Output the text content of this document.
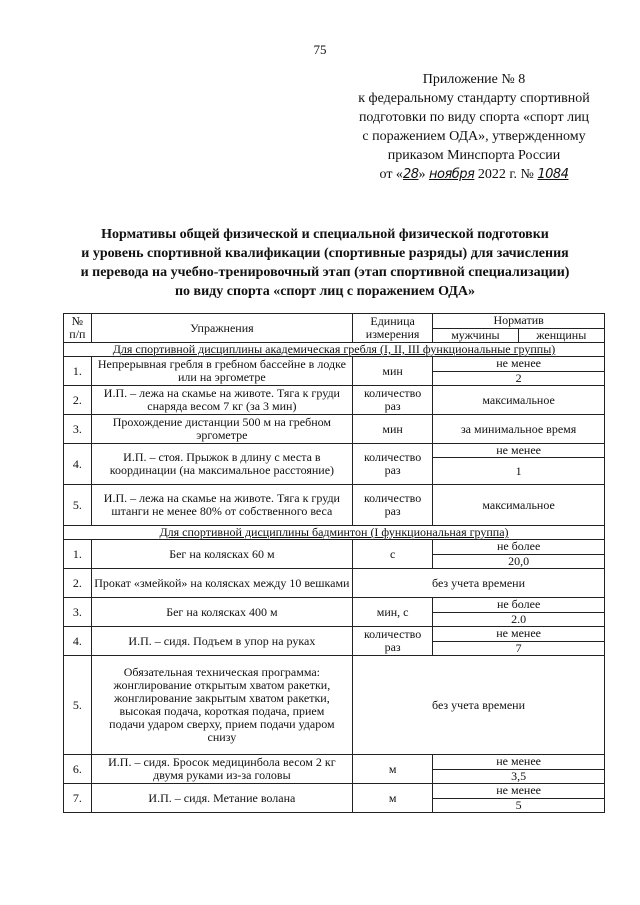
75
Приложение № 8
к федеральному стандарту спортивной
подготовки по виду спорта «спорт лиц
с поражением ОДА», утвержденному
приказом Минспорта России
от «28» ноября 2022 г. № 1084
Нормативы общей физической и специальной физической подготовки
и уровень спортивной квалификации (спортивные разряды) для зачисления
и перевода на учебно-тренировочный этап (этап спортивной специализации)
по виду спорта «спорт лиц с поражением ОДА»
№ п/п	Упражнения	Единица измерения	Норматив	
			мужчины	женщины
Для спортивной дисциплины академическая гребля (I, II, III функциональные группы)				
1.	Непрерывная гребля в гребном бассейне в лодке или на эргометре	мин	не менее	
			2	
2.	И.П. – лежа на скамье на животе. Тяга к груди снаряда весом 7 кг (за 3 мин)	количество раз	максимальное	
3.	Прохождение дистанции 500 м на гребном эргометре	мин	за минимальное время	
4.	И.П. – стоя. Прыжок в длину с места в координации (на максимальное расстояние)	количество раз	не менее	
			1	
5.	И.П. – лежа на скамье на животе. Тяга к груди штанги не менее 80% от собственного веса	количество раз	максимальное	
Для спортивной дисциплины бадминтон (I функциональная группа)				
1.	Бег на колясках 60 м	с	не более	
			20,0	
2.	Прокат «змейкой» на колясках между 10 вешками	без учета времени		
3.	Бег на колясках 400 м	мин, с	не более	
			2.0	
4.	И.П. – сидя. Подъем в упор на руках	количество раз	не менее	
			7	
5.	Обязательная техническая программа: жонглирование открытым хватом ракетки, жонглирование закрытым хватом ракетки, высокая подача, короткая подача, прием подачи ударом сверху, прием подачи ударом снизу	без учета времени		
6.	И.П. – сидя. Бросок медицинбола весом 2 кг двумя руками из-за головы	м	не менее	
			3,5	
7.	И.П. – сидя. Метание волана	м	не менее	
			5	
